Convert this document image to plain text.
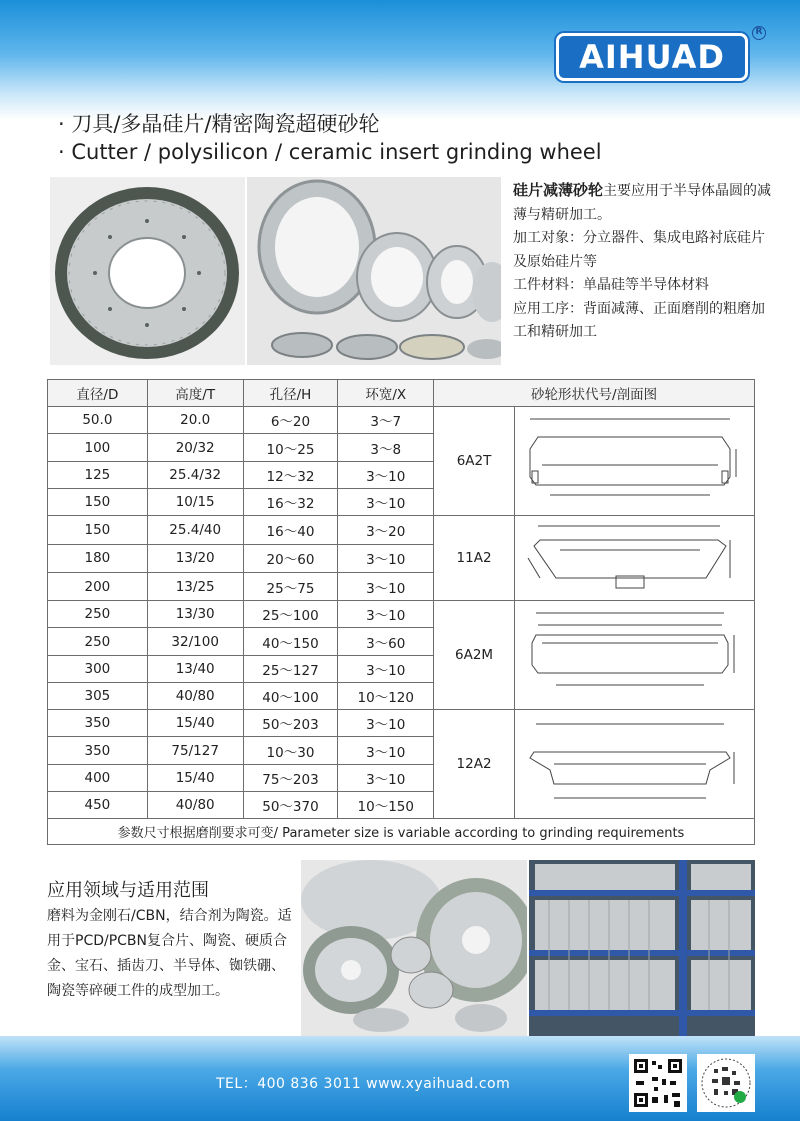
AIHUAD
R
· 刀具/多晶硅片/精密陶瓷超硬砂轮
· Cutter / polysilicon / ceramic insert grinding wheel
硅片减薄砂轮主要应用于半导体晶圆的减薄与精研加工。
加工对象：分立器件、集成电路衬底硅片及原始硅片等
工件材料：单晶硅等半导体材料
应用工序：背面减薄、正面磨削的粗磨加工和精研加工
直径/D	高度/T	孔径/H	环宽/X	砂轮形状代号/剖面图	
50.0	20.0	6～20	3～7	6A2T	
100	20/32	10～25	3～8		
125	25.4/32	12～32	3～10		
150	10/15	16～32	3～10		
150	25.4/40	16～40	3～20	11A2	
180	13/20	20～60	3～10		
200	13/25	25～75	3～10		
250	13/30	25～100	3～10	6A2M	
250	32/100	40～150	3～60		
300	13/40	25～127	3～10		
305	40/80	40～100	10～120		
350	15/40	50～203	3～10	12A2	
350	75/127	10～30	3～10		
400	15/40	75～203	3～10		
450	40/80	50～370	10～150		
参数尺寸根据磨削要求可变/ Parameter size is variable according to grinding requirements					
应用领域与适用范围
磨料为金刚石/CBN，结合剂为陶瓷。适用于PCD/PCBN复合片、陶瓷、硬质合金、宝石、插齿刀、半导体、铷铁硼、陶瓷等碎硬工件的成型加工。
TEL：400 836 3011 www.xyaihuad.com
